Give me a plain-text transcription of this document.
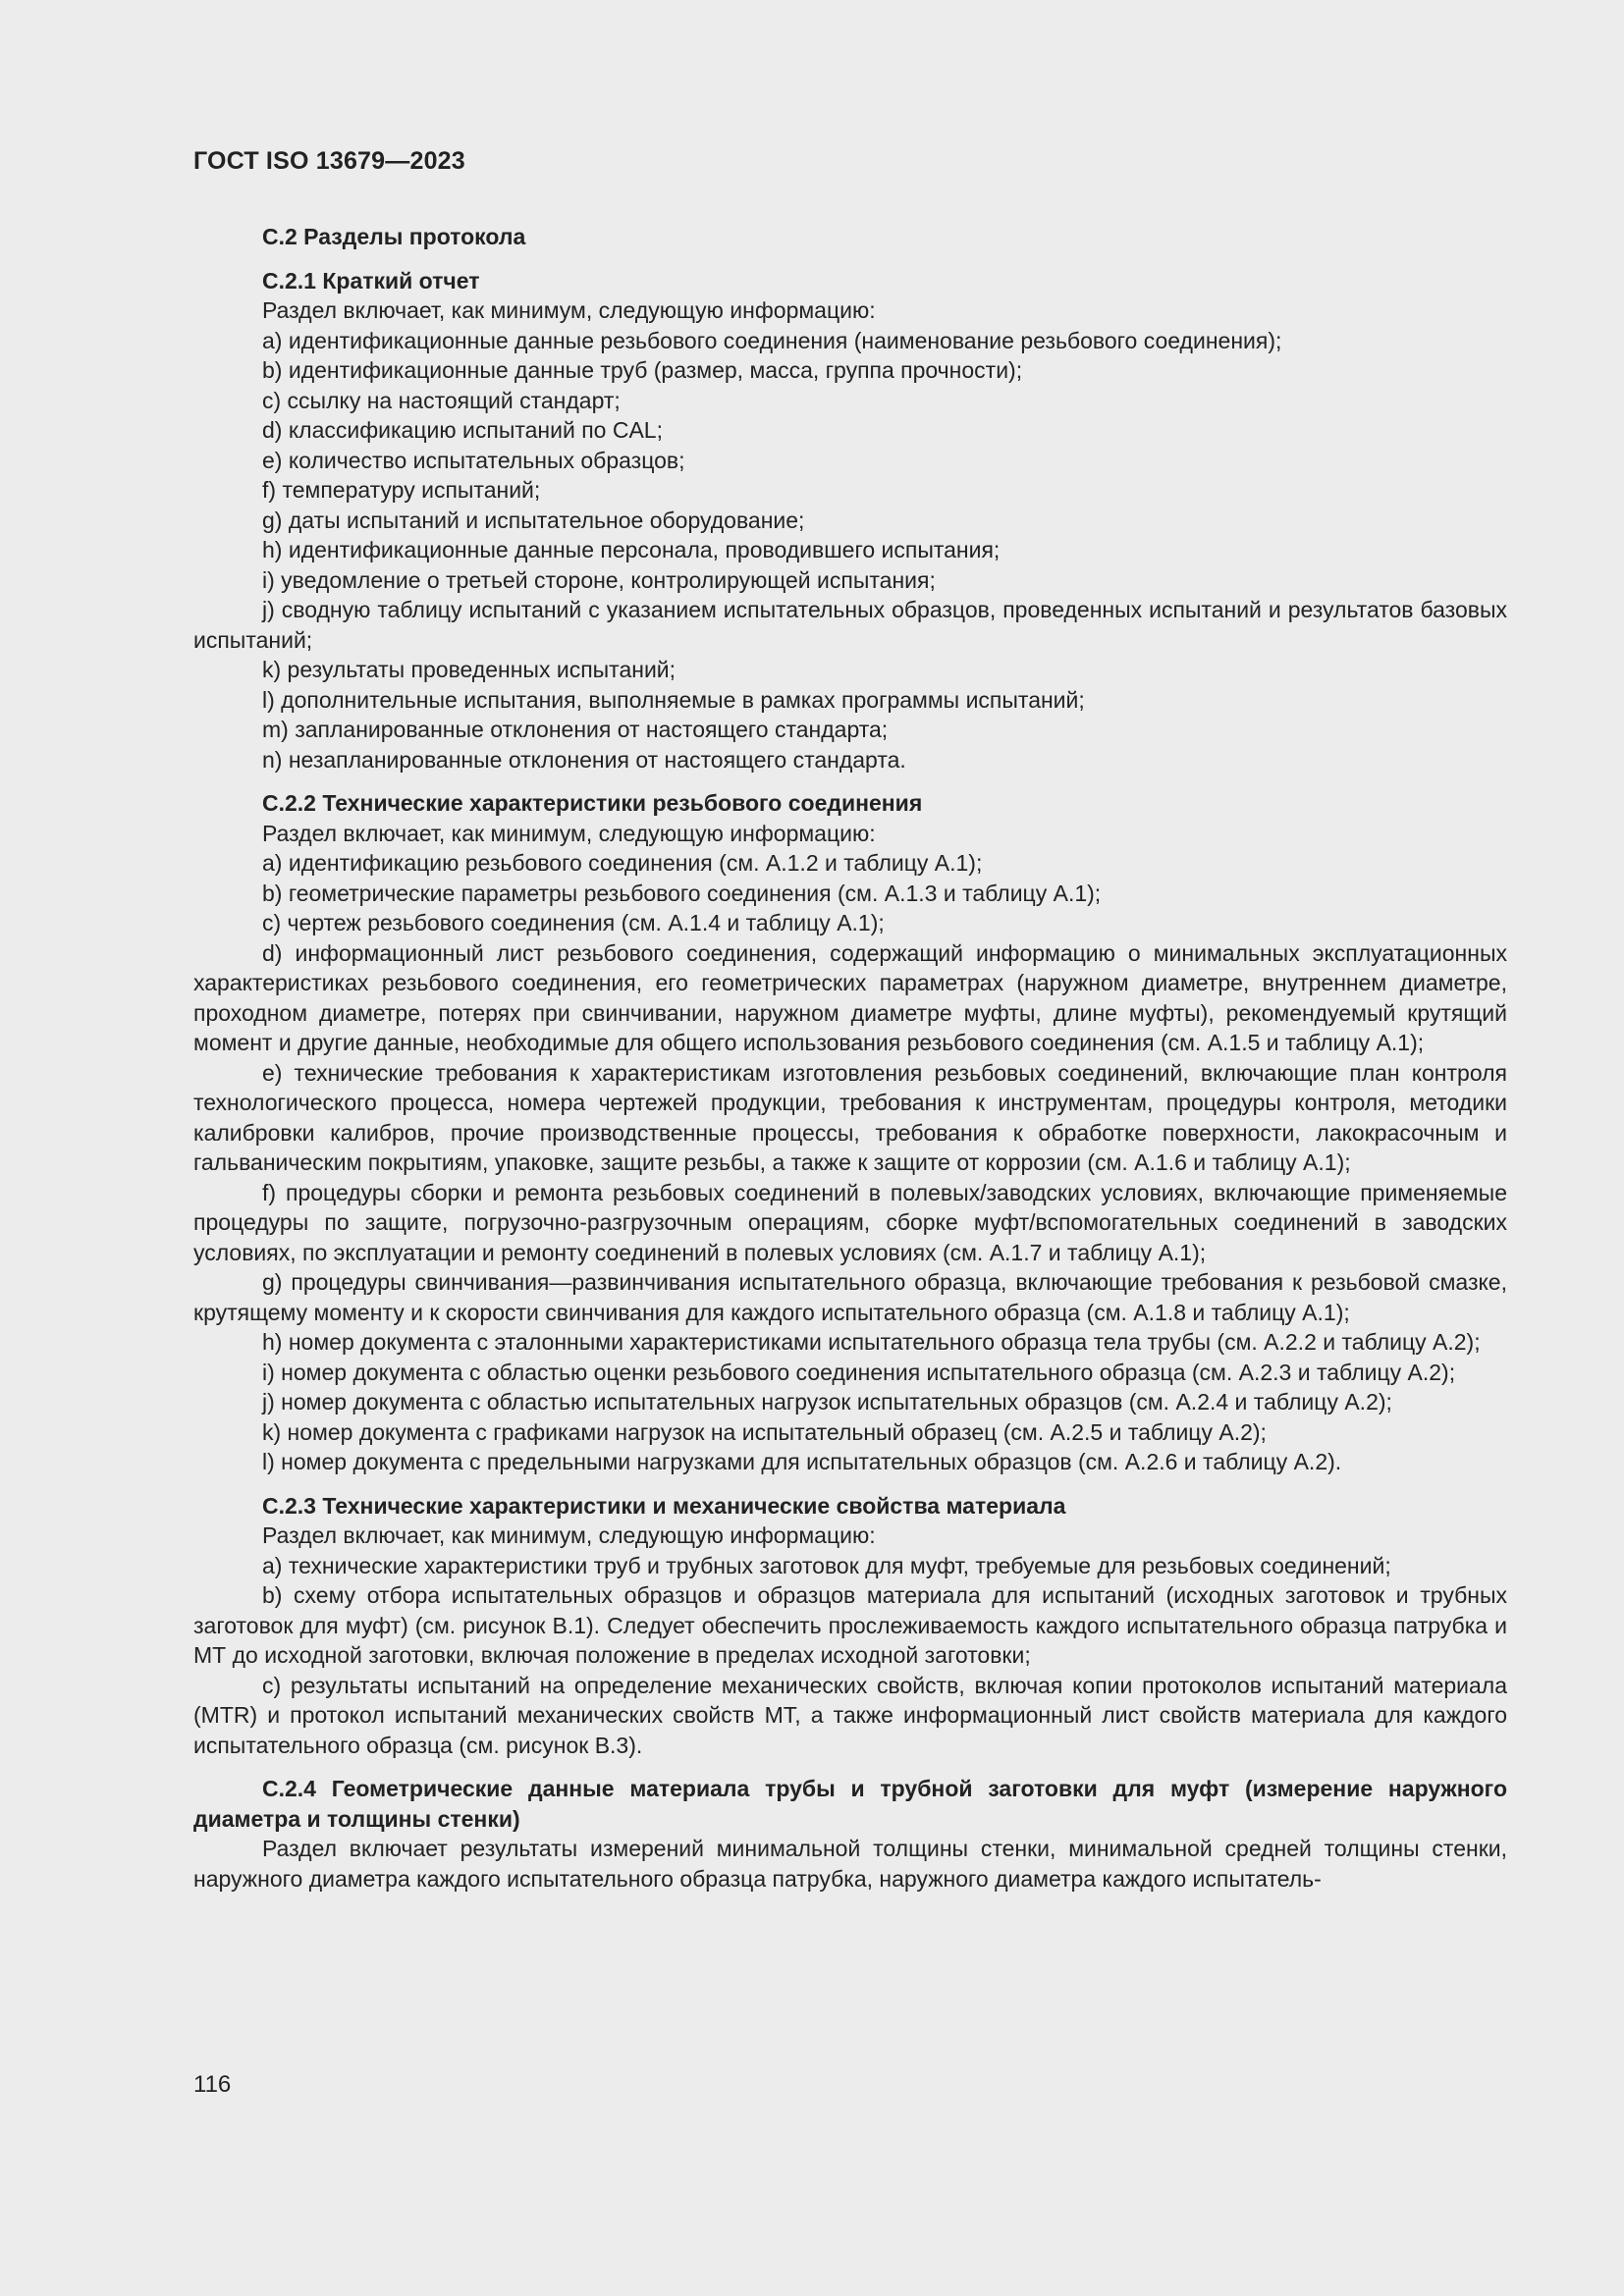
ГОСТ ISO 13679—2023

С.2 Разделы протокола

С.2.1 Краткий отчет

Раздел включает, как минимум, следующую информацию:

a) идентификационные данные резьбового соединения (наименование резьбового соединения);

b) идентификационные данные труб (размер, масса, группа прочности);

c) ссылку на настоящий стандарт;

d) классификацию испытаний по CAL;

e) количество испытательных образцов;

f) температуру испытаний;

g) даты испытаний и испытательное оборудование;

h) идентификационные данные персонала, проводившего испытания;

i) уведомление о третьей стороне, контролирующей испытания;

j) сводную таблицу испытаний с указанием испытательных образцов, проведенных испытаний и результатов базовых испытаний;

k) результаты проведенных испытаний;

l) дополнительные испытания, выполняемые в рамках программы испытаний;

m) запланированные отклонения от настоящего стандарта;

n) незапланированные отклонения от настоящего стандарта.

С.2.2 Технические характеристики резьбового соединения

Раздел включает, как минимум, следующую информацию:

a) идентификацию резьбового соединения (см. А.1.2 и таблицу А.1);

b) геометрические параметры резьбового соединения (см. А.1.3 и таблицу А.1);

c) чертеж резьбового соединения (см. А.1.4 и таблицу А.1);

d) информационный лист резьбового соединения, содержащий информацию о минимальных эксплуатационных характеристиках резьбового соединения, его геометрических параметрах (наружном диаметре, внутреннем диаметре, проходном диаметре, потерях при свинчивании, наружном диаметре муфты, длине муфты), рекомендуемый крутящий момент и другие данные, необходимые для общего использования резьбового соединения (см. А.1.5 и таблицу А.1);

e) технические требования к характеристикам изготовления резьбовых соединений, включающие план контроля технологического процесса, номера чертежей продукции, требования к инструментам, процедуры контроля, методики калибровки калибров, прочие производственные процессы, требования к обработке поверхности, лакокрасочным и гальваническим покрытиям, упаковке, защите резьбы, а также к защите от коррозии (см. А.1.6 и таблицу А.1);

f) процедуры сборки и ремонта резьбовых соединений в полевых/заводских условиях, включающие применяемые процедуры по защите, погрузочно-разгрузочным операциям, сборке муфт/вспомогательных соединений в заводских условиях, по эксплуатации и ремонту соединений в полевых условиях (см. А.1.7 и таблицу А.1);

g) процедуры свинчивания—развинчивания испытательного образца, включающие требования к резьбовой смазке, крутящему моменту и к скорости свинчивания для каждого испытательного образца (см. А.1.8 и таблицу А.1);

h) номер документа с эталонными характеристиками испытательного образца тела трубы (см. А.2.2 и таблицу А.2);

i) номер документа с областью оценки резьбового соединения испытательного образца (см. А.2.3 и таблицу А.2);

j) номер документа с областью испытательных нагрузок испытательных образцов (см. А.2.4 и таблицу А.2);

k) номер документа с графиками нагрузок на испытательный образец (см. А.2.5 и таблицу А.2);

l) номер документа с предельными нагрузками для испытательных образцов (см. А.2.6 и таблицу А.2).

С.2.3 Технические характеристики и механические свойства материала

Раздел включает, как минимум, следующую информацию:

a) технические характеристики труб и трубных заготовок для муфт, требуемые для резьбовых соединений;

b) схему отбора испытательных образцов и образцов материала для испытаний (исходных заготовок и трубных заготовок для муфт) (см. рисунок В.1). Следует обеспечить прослеживаемость каждого испытательного образца патрубка и МТ до исходной заготовки, включая положение в пределах исходной заготовки;

c) результаты испытаний на определение механических свойств, включая копии протоколов испытаний материала (MTR) и протокол испытаний механических свойств МТ, а также информационный лист свойств материала для каждого испытательного образца (см. рисунок В.3).

С.2.4 Геометрические данные материала трубы и трубной заготовки для муфт (измерение наружного диаметра и толщины стенки)

Раздел включает результаты измерений минимальной толщины стенки, минимальной средней толщины стенки, наружного диаметра каждого испытательного образца патрубка, наружного диаметра каждого испытатель-

116
